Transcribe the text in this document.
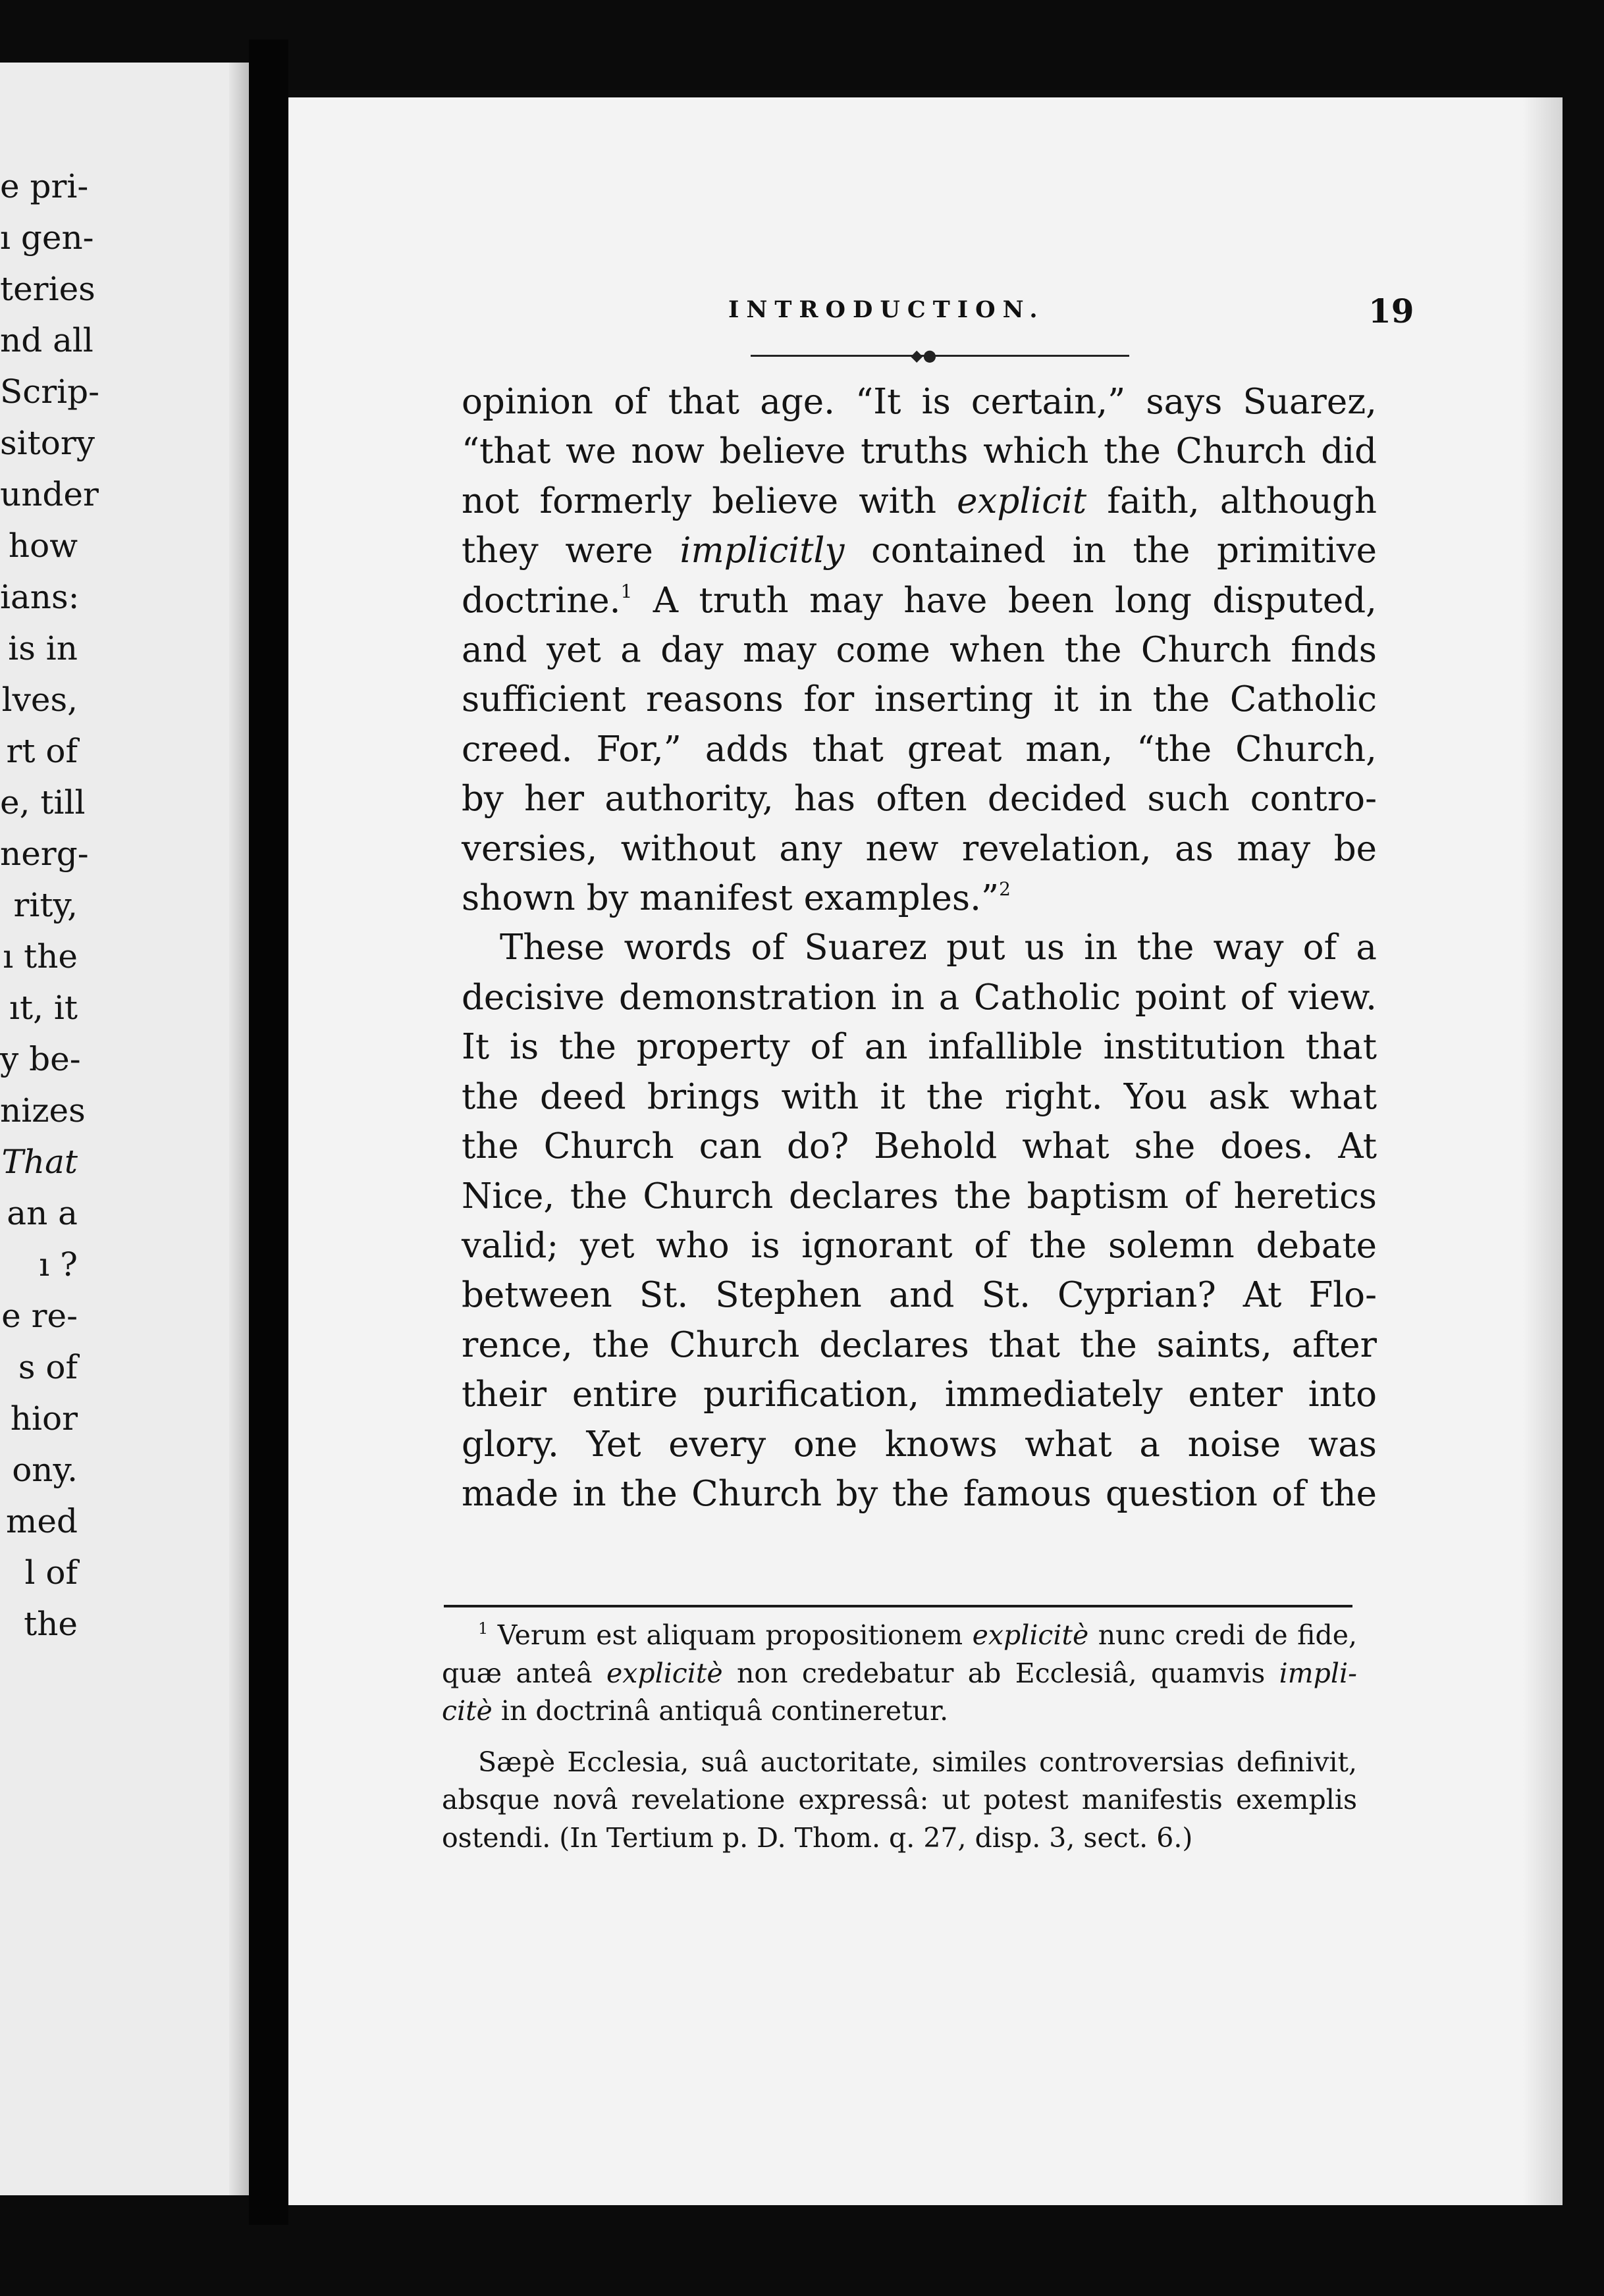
e pri-
ı gen-
teries
nd all
Scrip-
sitory
under
how
ians:
is in
lves,
rt of
e, till
nerg-
rity,
ı the
ıt, it
y be-
nizes
That
an a
ı ?
e re-
s of
hior
ony.
med
l of
the
INTRODUCTION.	19
◆●
opinion of that age. “It is certain,” says Suarez,
“that we now believe truths which the Church did
not formerly believe with explicit faith, although
they were implicitly contained in the primitive
doctrine.$^1$ A truth may have been long disputed,
and yet a day may come when the Church finds
sufficient reasons for inserting it in the Catholic
creed. For,” adds that great man, “the Church,
by her authority, has often decided such contro-
versies, without any new revelation, as may be
shown by manifest examples.”$^2$
These words of Suarez put us in the way of a
decisive demonstration in a Catholic point of view.
It is the property of an infallible institution that
the deed brings with it the right. You ask what
the Church can do? Behold what she does. At
Nice, the Church declares the baptism of heretics
valid; yet who is ignorant of the solemn debate
between St. Stephen and St. Cyprian? At Flo-
rence, the Church declares that the saints, after
their entire purification, immediately enter into
glory. Yet every one knows what a noise was
made in the Church by the famous question of the
$^1$ Verum est aliquam propositionem explicitè nunc credi de fide,
quæ anteâ explicitè non credebatur ab Ecclesiâ, quamvis impli-
citè in doctrinâ antiquâ contineretur.
Sæpè Ecclesia, suâ auctoritate, similes controversias definivit,
absque novâ revelatione expressâ: ut potest manifestis exemplis
ostendi. (In Tertium p. D. Thom. q. 27, disp. 3, sect. 6.)
